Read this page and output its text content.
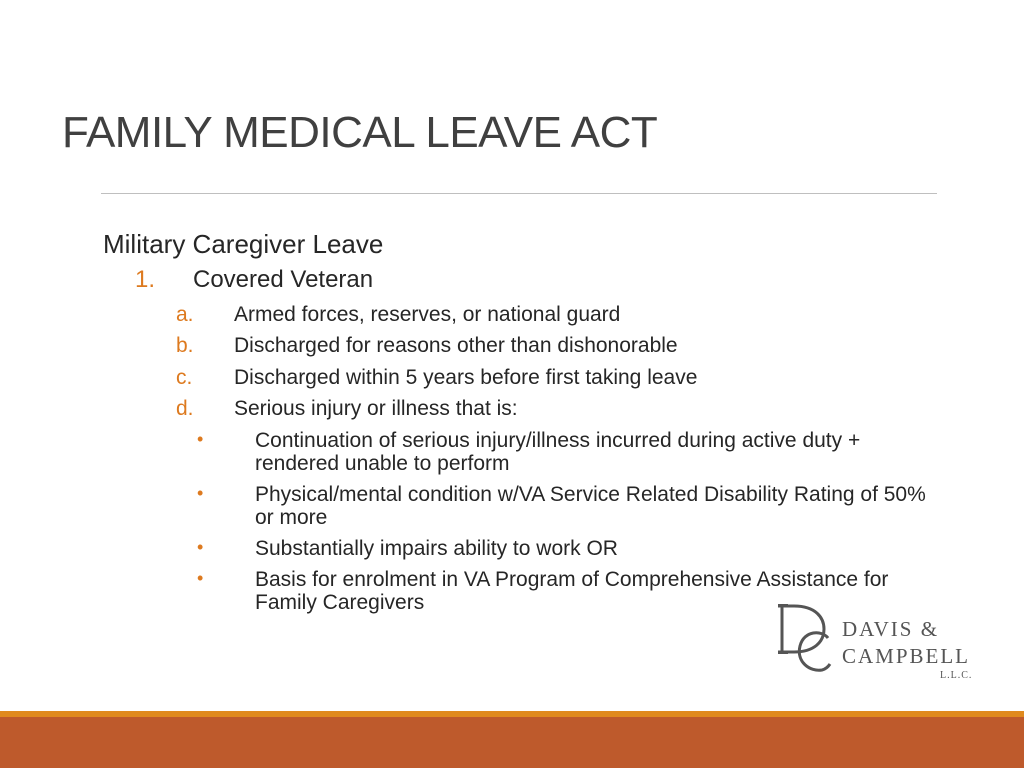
FAMILY MEDICAL LEAVE ACT
Military Caregiver Leave
1. Covered Veteran
a. Armed forces, reserves, or national guard
b. Discharged for reasons other than dishonorable
c. Discharged within 5 years before first taking leave
d. Serious injury or illness that is:
• Continuation of serious injury/illness incurred during active duty + rendered unable to perform
• Physical/mental condition w/VA Service Related Disability Rating of 50% or more
• Substantially impairs ability to work OR
• Basis for enrolment in VA Program of Comprehensive Assistance for Family Caregivers
DAVIS &
CAMPBELL
L.L.C.
